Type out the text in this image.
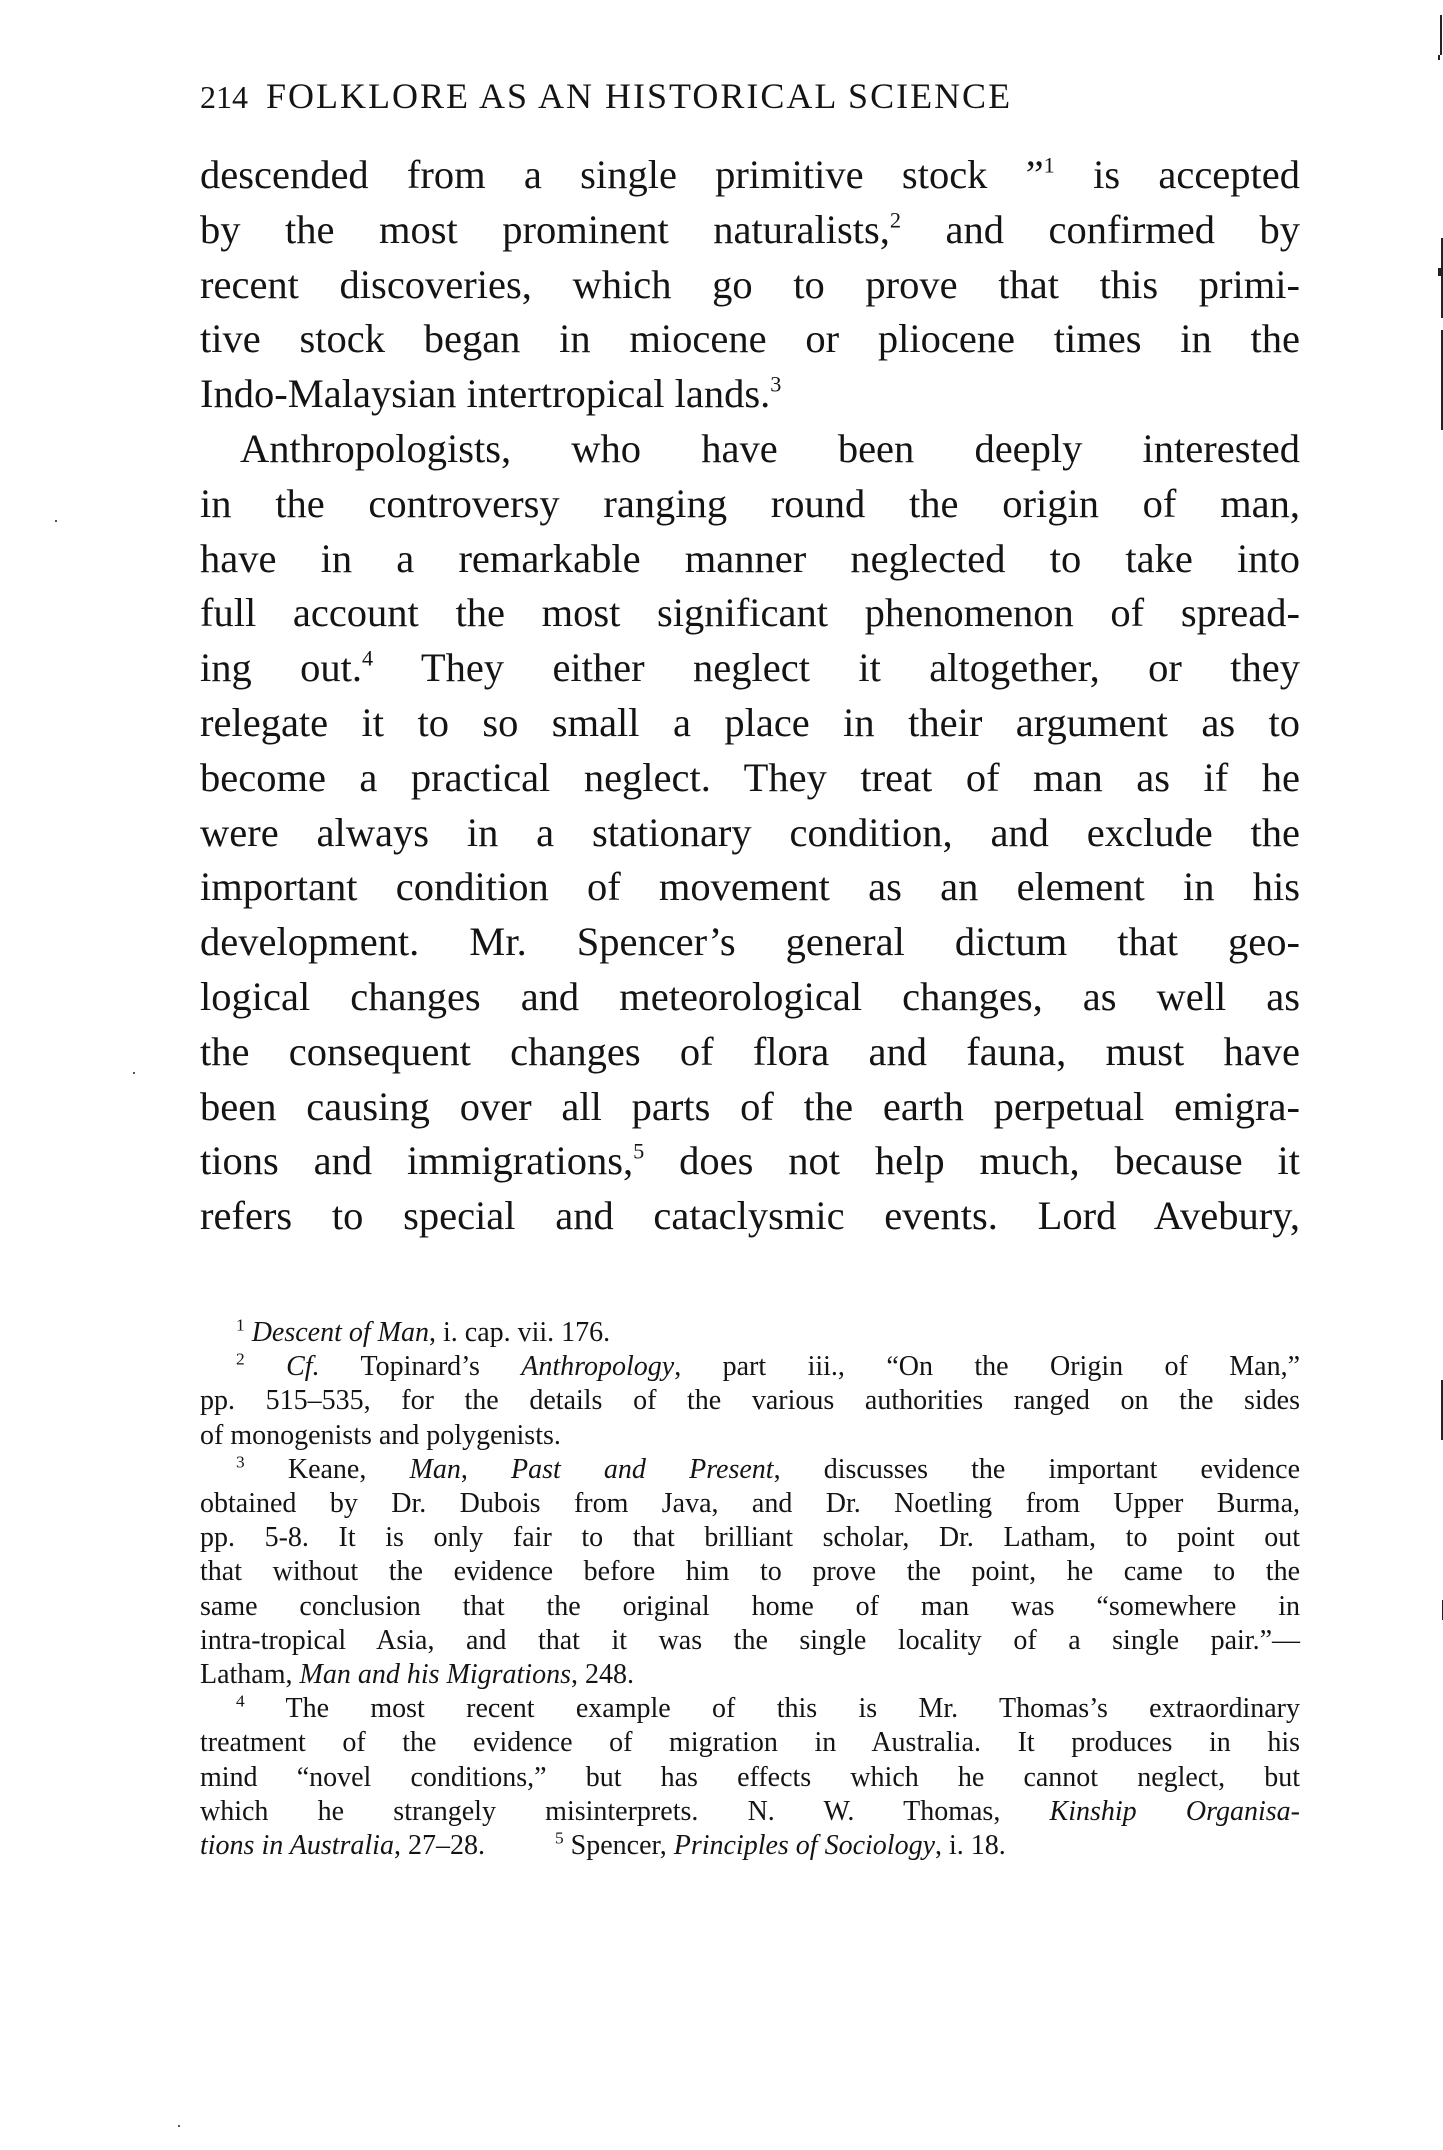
214 FOLKLORE AS AN HISTORICAL SCIENCE
descended from a single primitive stock ”$^1$ is accepted
by the most prominent naturalists,$^2$ and confirmed by
recent discoveries, which go to prove that this primi-
tive stock began in miocene or pliocene times in the
Indo-Malaysian intertropical lands.$^3$
Anthropologists, who have been deeply interested
in the controversy ranging round the origin of man,
have in a remarkable manner neglected to take into
full account the most significant phenomenon of spread-
ing out.$^4$ They either neglect it altogether, or they
relegate it to so small a place in their argument as to
become a practical neglect. They treat of man as if he
were always in a stationary condition, and exclude the
important condition of movement as an element in his
development. Mr. Spencer’s general dictum that geo-
logical changes and meteorological changes, as well as
the consequent changes of flora and fauna, must have
been causing over all parts of the earth perpetual emigra-
tions and immigrations,$^5$ does not help much, because it
refers to special and cataclysmic events. Lord Avebury,
$^1$ Descent of Man, i. cap. vii. 176.
$^2$ Cf. Topinard’s Anthropology, part iii., “On the Origin of Man,”
pp. 515–535, for the details of the various authorities ranged on the sides
of monogenists and polygenists.
$^3$ Keane, Man, Past and Present, discusses the important evidence
obtained by Dr. Dubois from Java, and Dr. Noetling from Upper Burma,
pp. 5-8. It is only fair to that brilliant scholar, Dr. Latham, to point out
that without the evidence before him to prove the point, he came to the
same conclusion that the original home of man was “somewhere in
intra-tropical Asia, and that it was the single locality of a single pair.”—
Latham, Man and his Migrations, 248.
$^4$ The most recent example of this is Mr. Thomas’s extraordinary
treatment of the evidence of migration in Australia. It produces in his
mind “novel conditions,” but has effects which he cannot neglect, but
which he strangely misinterprets. N. W. Thomas, Kinship Organisa-
tions in Australia, 27–28.	$^5$ Spencer, Principles of Sociology, i. 18.
